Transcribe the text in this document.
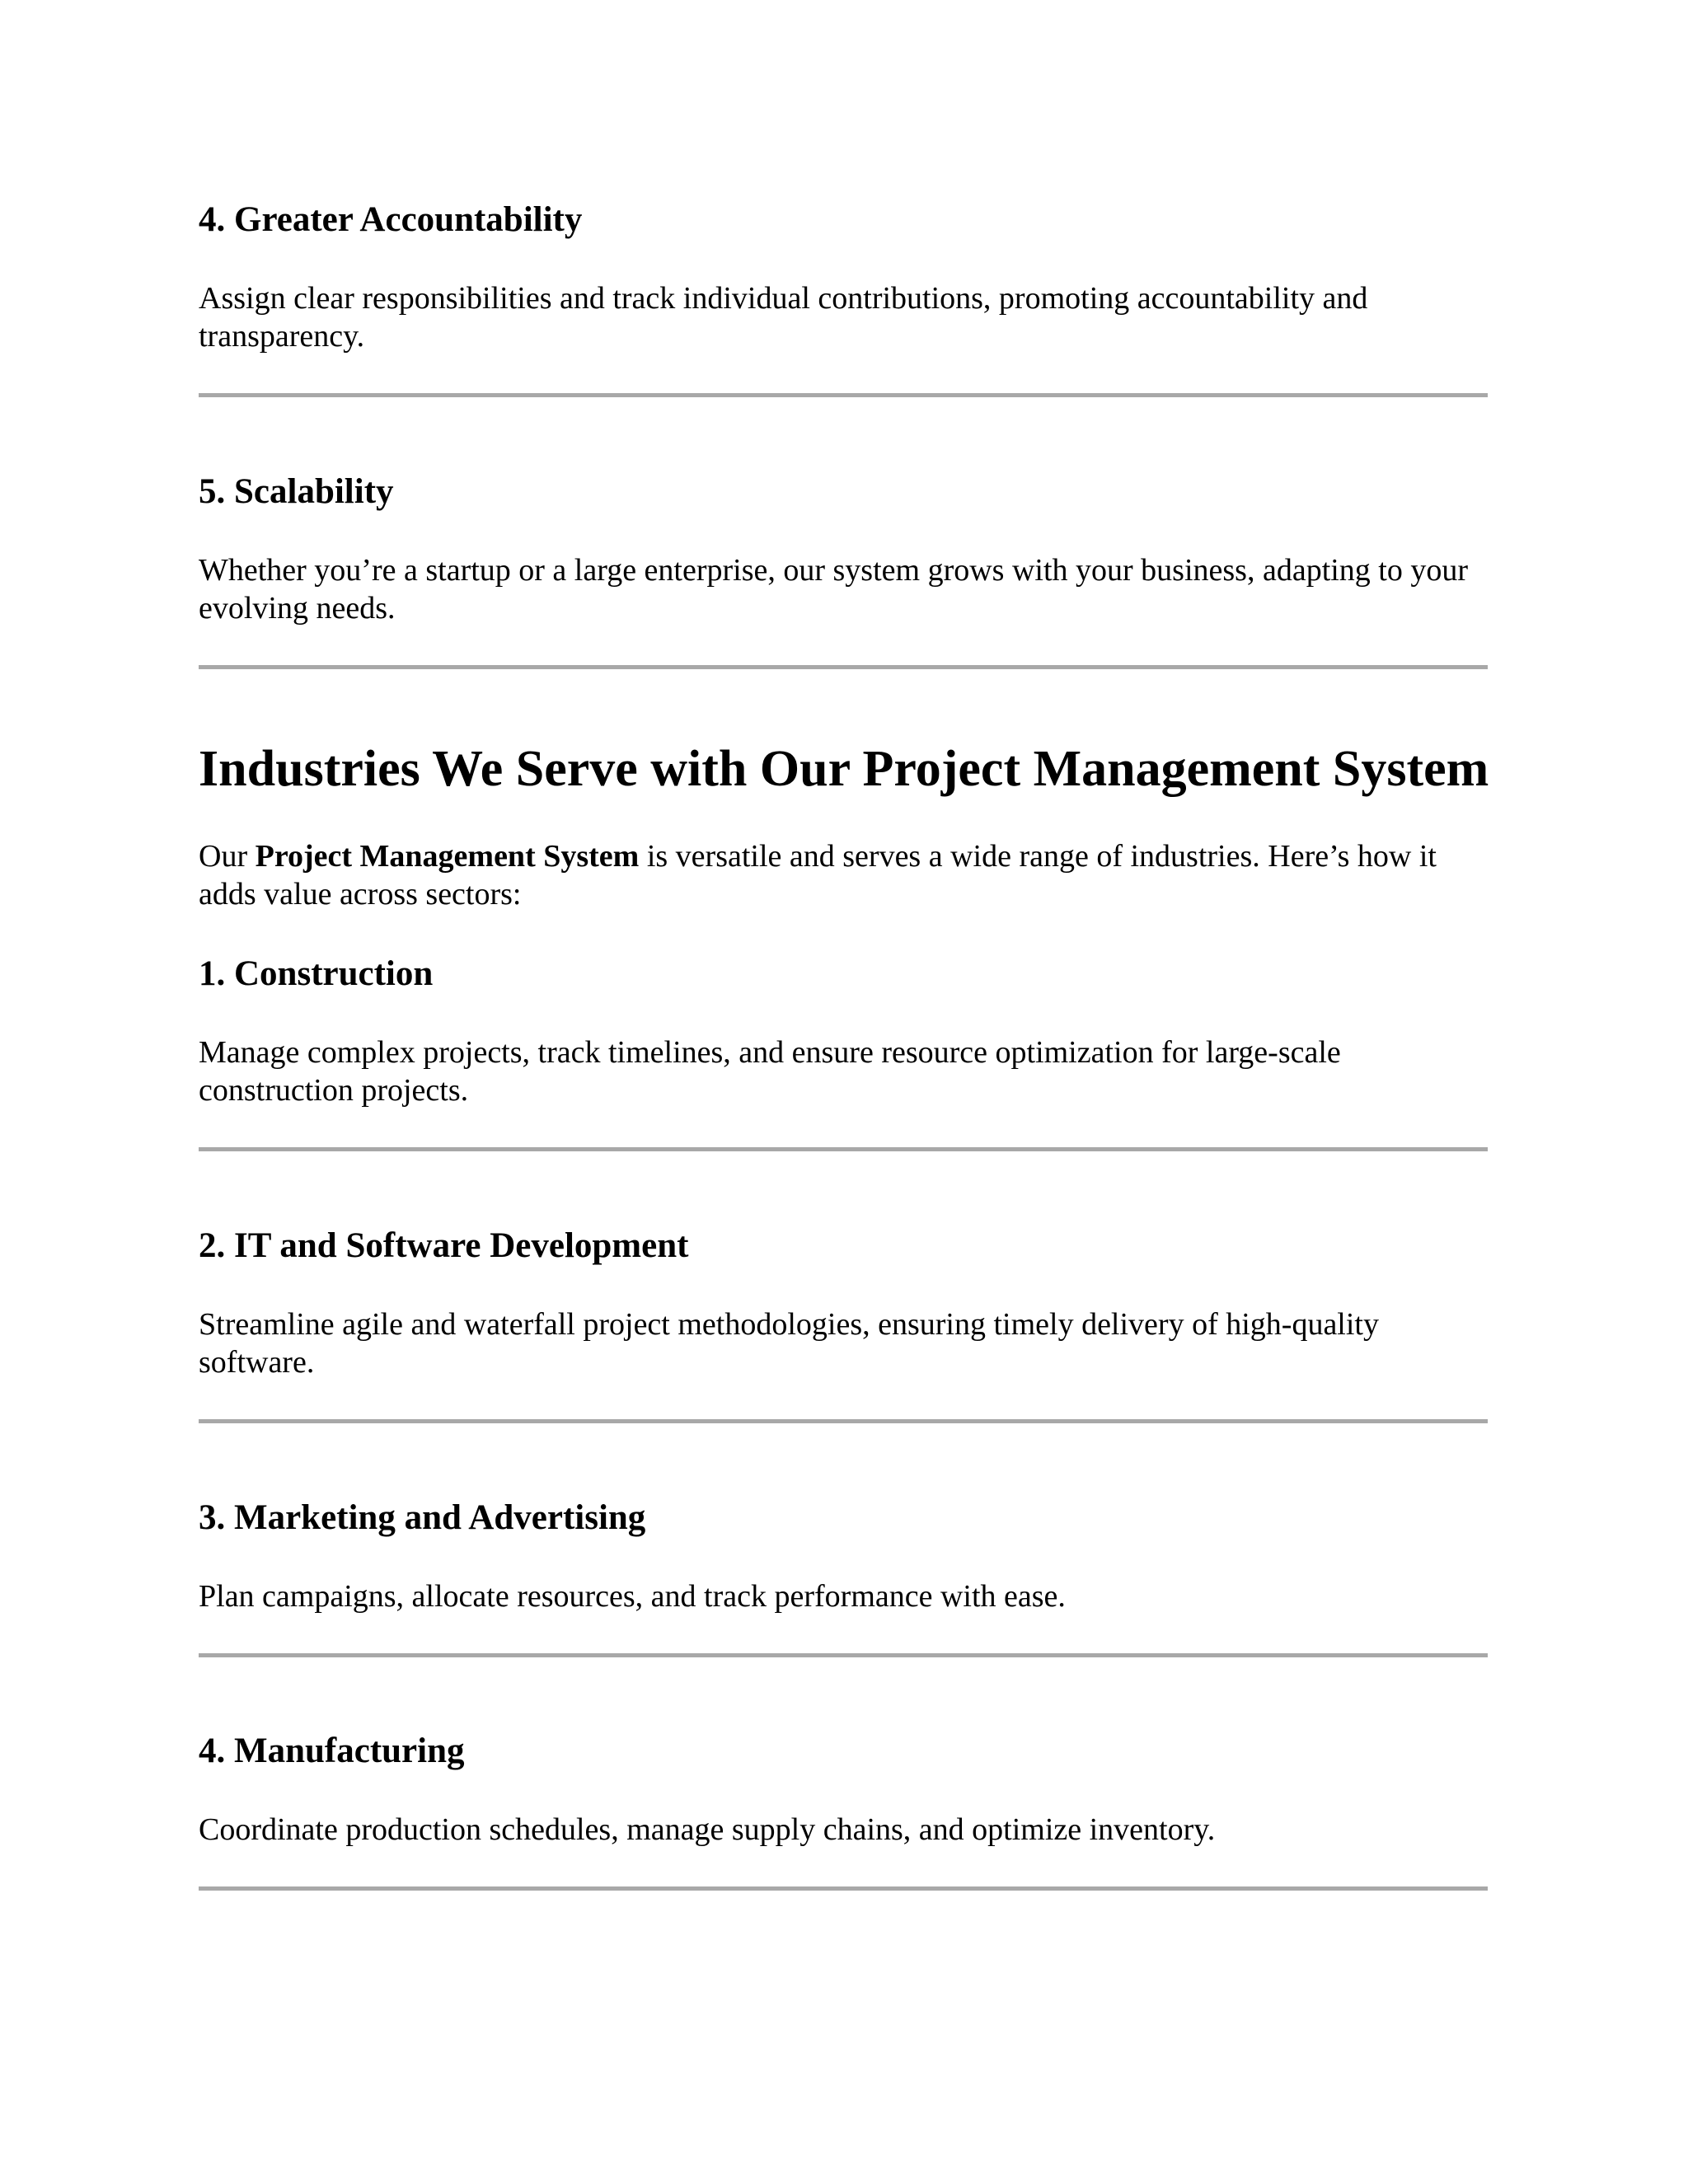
4. Greater Accountability

Assign clear responsibilities and track individual contributions, promoting accountability and transparency.

5. Scalability

Whether you’re a startup or a large enterprise, our system grows with your business, adapting to your evolving needs.

Industries We Serve with Our Project Management System

Our Project Management System is versatile and serves a wide range of industries. Here’s how it adds value across sectors:

1. Construction

Manage complex projects, track timelines, and ensure resource optimization for large-scale construction projects.

2. IT and Software Development

Streamline agile and waterfall project methodologies, ensuring timely delivery of high-quality software.

3. Marketing and Advertising

Plan campaigns, allocate resources, and track performance with ease.

4. Manufacturing

Coordinate production schedules, manage supply chains, and optimize inventory.
